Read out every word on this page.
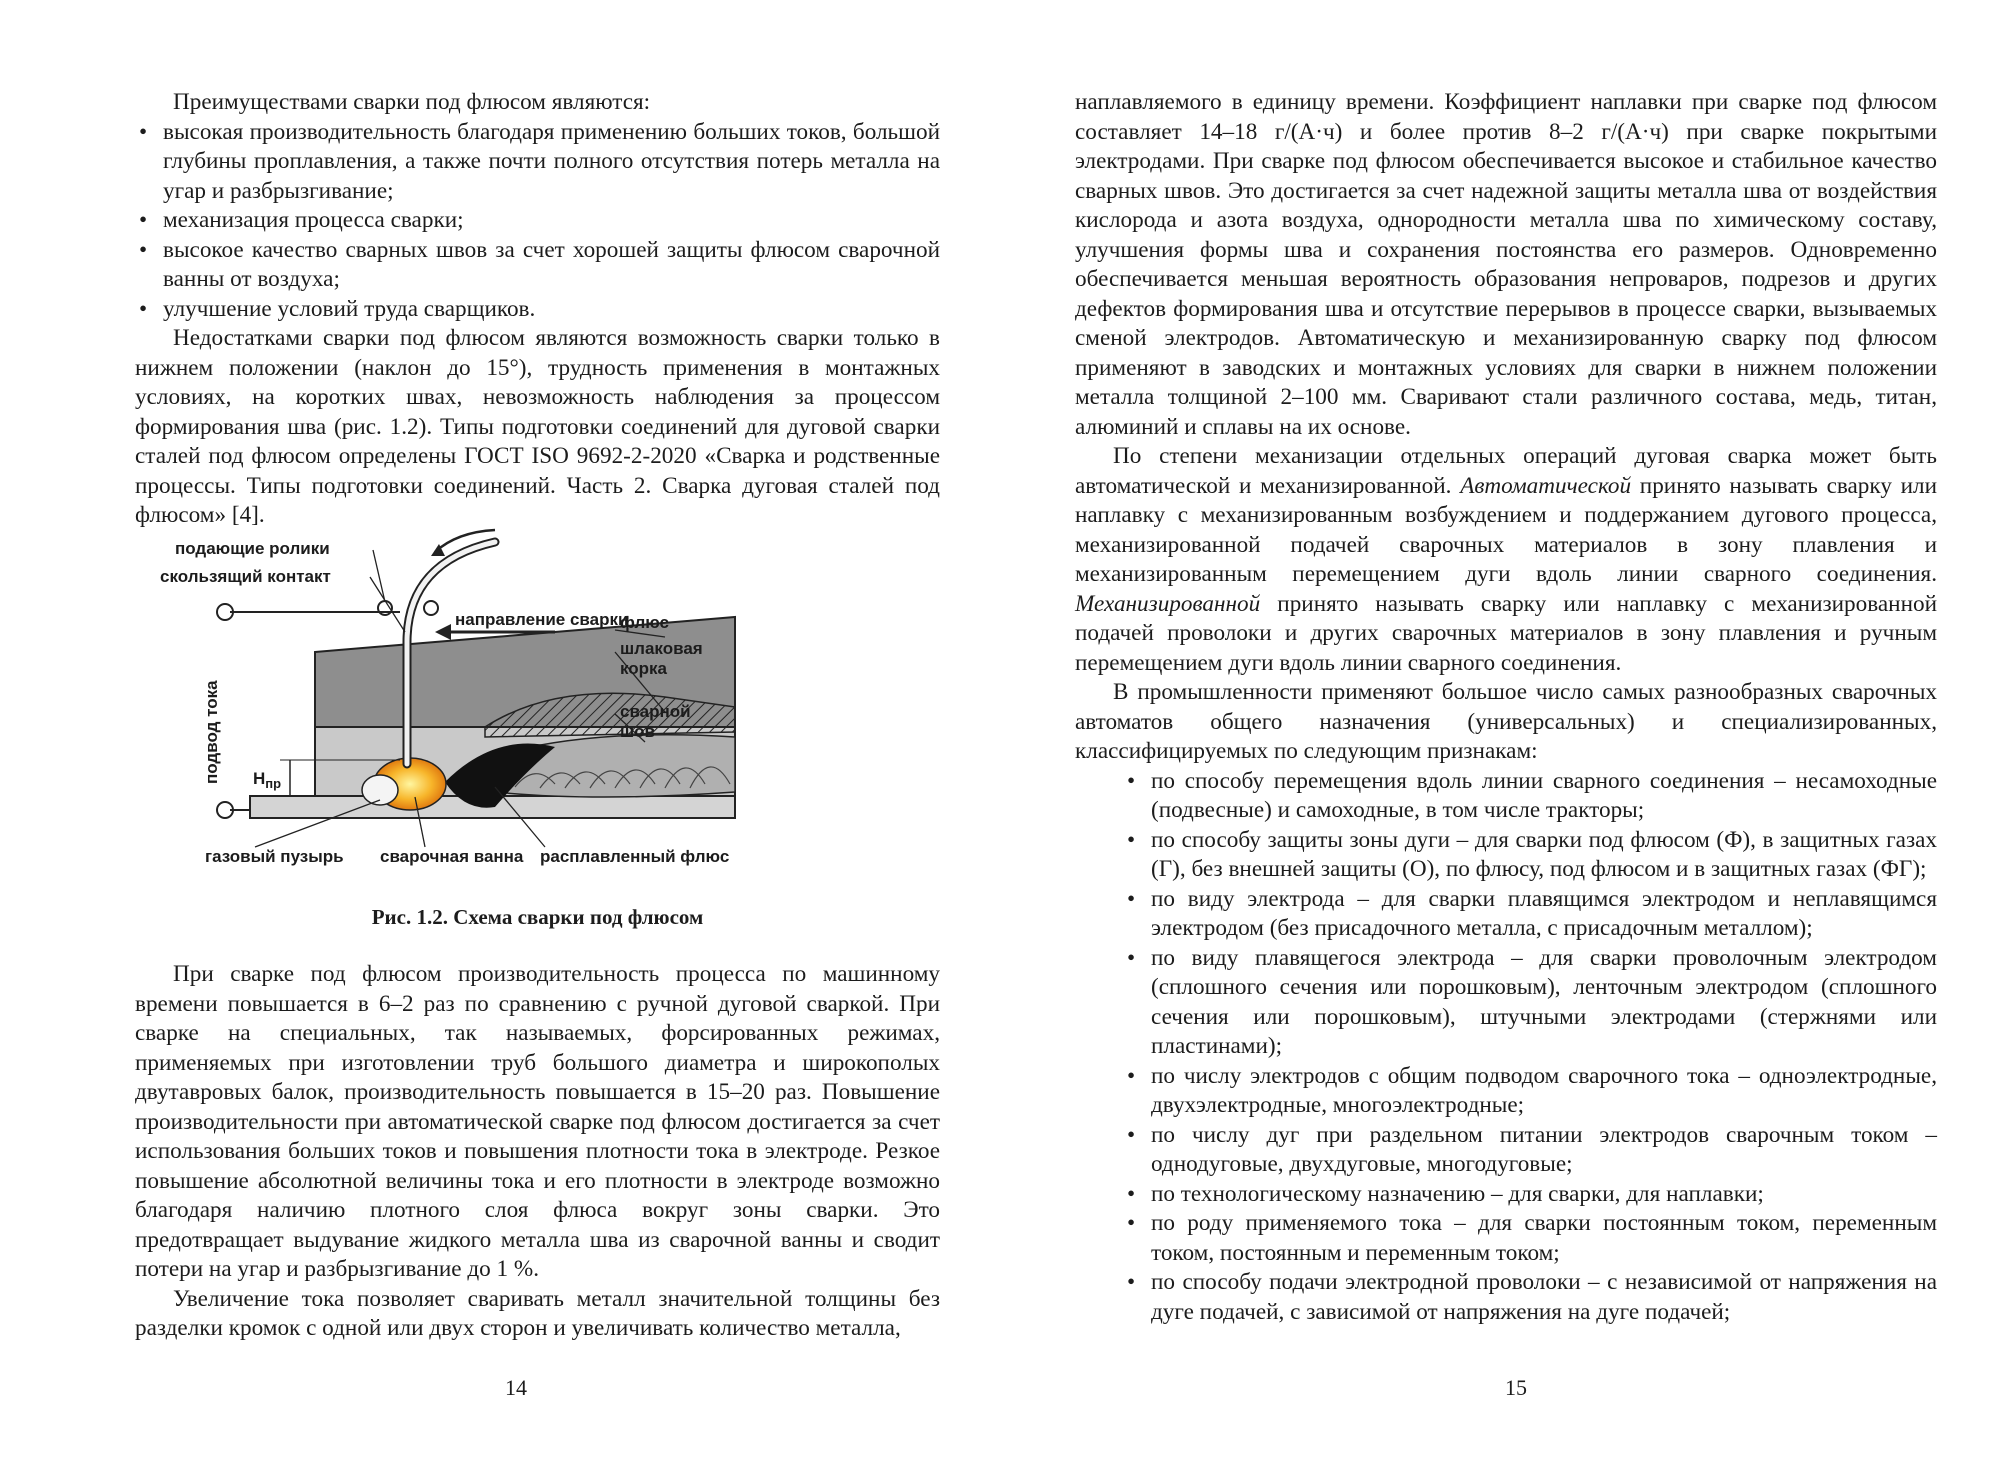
Преимуществами сварки под флюсом являются:

• высокая производительность благодаря применению больших токов, большой глубины проплавления, а также почти полного отсутствия потерь металла на угар и разбрызгивание;
• механизация процесса сварки;
• высокое качество сварных швов за счет хорошей защиты флюсом сварочной ванны от воздуха;
• улучшение условий труда сварщиков.

Недостатками сварки под флюсом являются возможность сварки только в нижнем положении (наклон до 15°), трудность применения в монтажных условиях, на коротких швах, невозможность наблюдения за процессом формирования шва (рис. 1.2). Типы подготовки соединений для дуговой сварки сталей под флюсом определены ГОСТ ISO 9692-2-2020 «Сварка и родственные процессы. Типы подготовки соединений. Часть 2. Сварка дуговая сталей под флюсом» [4].

подающие ролики
скользящий контакт
направление сварки
флюс
шлаковая
корка
сварной
шов
подвод тока $H_{пр}$
газовый пузырь сварочная ванна расплавленный флюс
Рис. 1.2. Схема сварки под флюсом

При сварке под флюсом производительность процесса по машинному времени повышается в 6–2 раз по сравнению с ручной дуговой сваркой. При сварке на специальных, так называемых, форсированных режимах, применяемых при изготовлении труб большого диаметра и широкополых двутавровых балок, производительность повышается в 15–20 раз. Повышение производительности при автоматической сварке под флюсом достигается за счет использования больших токов и повышения плотности тока в электроде. Резкое повышение абсолютной величины тока и его плотности в электроде возможно благодаря наличию плотного слоя флюса вокруг зоны сварки. Это предотвращает выдувание жидкого металла шва из сварочной ванны и сводит потери на угар и разбрызгивание до 1 %.

Увеличение тока позволяет сваривать металл значительной толщины без разделки кромок с одной или двух сторон и увеличивать количество металла,

14

наплавляемого в единицу времени. Коэффициент наплавки при сварке под флюсом составляет 14–18 г/(А·ч) и более против 8–2 г/(А·ч) при сварке покрытыми электродами. При сварке под флюсом обеспечивается высокое и стабильное качество сварных швов. Это достигается за счет надежной защиты металла шва от воздействия кислорода и азота воздуха, однородности металла шва по химическому составу, улучшения формы шва и сохранения постоянства его размеров. Одновременно обеспечивается меньшая вероятность образования непроваров, подрезов и других дефектов формирования шва и отсутствие перерывов в процессе сварки, вызываемых сменой электродов. Автоматическую и механизированную сварку под флюсом применяют в заводских и монтажных условиях для сварки в нижнем положении металла толщиной 2–100 мм. Сваривают стали различного состава, медь, титан, алюминий и сплавы на их основе.

По степени механизации отдельных операций дуговая сварка может быть автоматической и механизированной. Автоматической принято называть сварку или наплавку с механизированным возбуждением и поддержанием дугового процесса, механизированной подачей сварочных материалов в зону плавления и механизированным перемещением дуги вдоль линии сварного соединения. Механизированной принято называть сварку или наплавку с механизированной подачей проволоки и других сварочных материалов в зону плавления и ручным перемещением дуги вдоль линии сварного соединения.

В промышленности применяют большое число самых разнообразных сварочных автоматов общего назначения (универсальных) и специализированных, классифицируемых по следующим признакам:

• по способу перемещения вдоль линии сварного соединения – несамоходные (подвесные) и самоходные, в том числе тракторы;
• по способу защиты зоны дуги – для сварки под флюсом (Ф), в защитных газах (Г), без внешней защиты (О), по флюсу, под флюсом и в защитных газах (ФГ);
• по виду электрода – для сварки плавящимся электродом и неплавящимся электродом (без присадочного металла, с присадочным металлом);
• по виду плавящегося электрода – для сварки проволочным электродом (сплошного сечения или порошковым), ленточным электродом (сплошного сечения или порошковым), штучными электродами (стержнями или пластинами);
• по числу электродов с общим подводом сварочного тока – одноэлектродные, двухэлектродные, многоэлектродные;
• по числу дуг при раздельном питании электродов сварочным током – однодуговые, двухдуговые, многодуговые;
• по технологическому назначению – для сварки, для наплавки;
• по роду применяемого тока – для сварки постоянным током, переменным током, постоянным и переменным током;
• по способу подачи электродной проволоки – с независимой от напряжения на дуге подачей, с зависимой от напряжения на дуге подачей;
15
